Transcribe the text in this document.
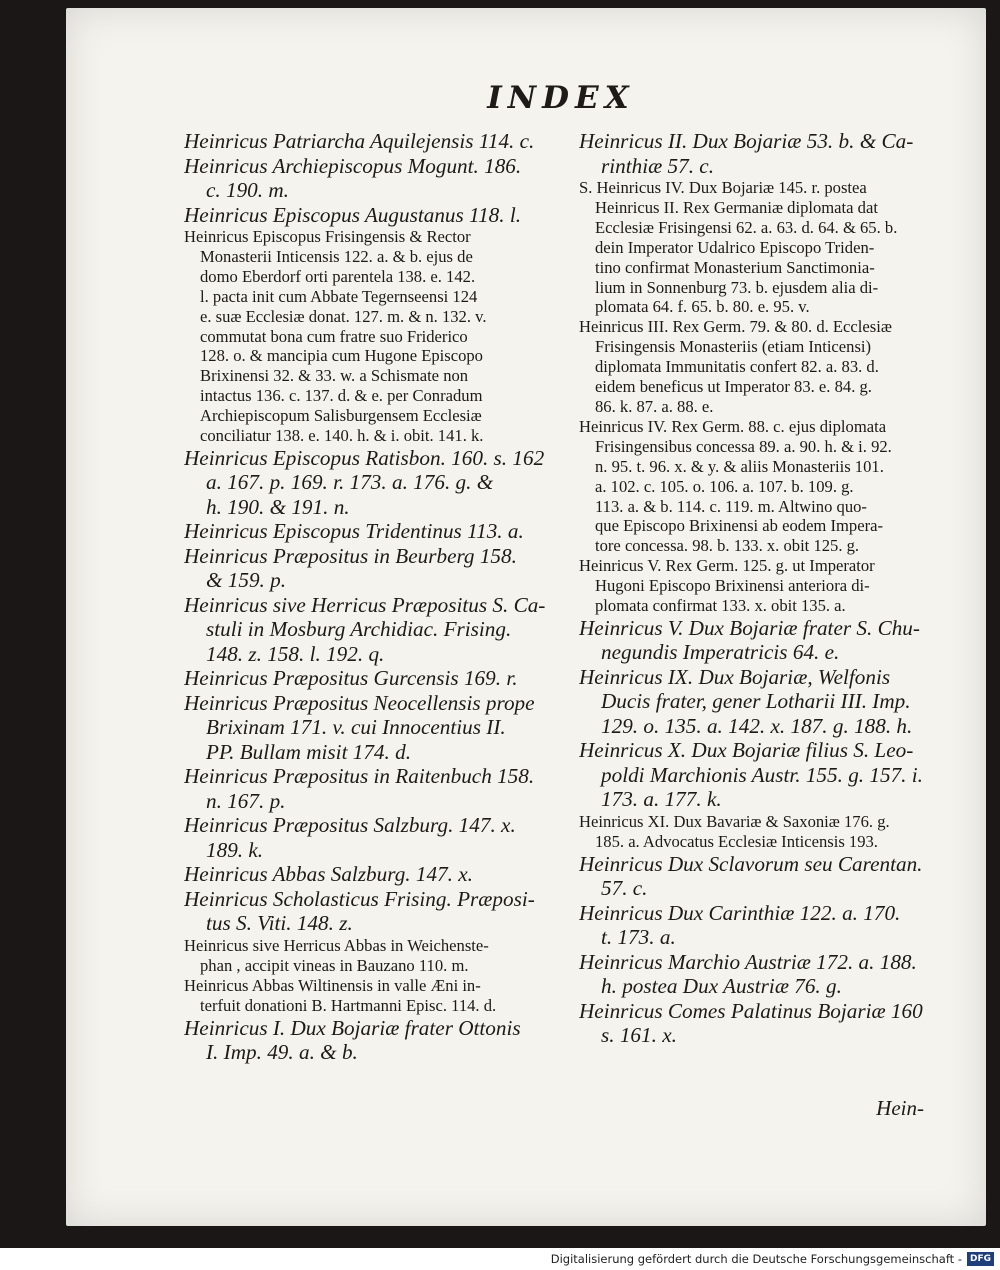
INDEX
Heinricus Patriarcha Aquilejensis 114. c.
Heinricus Archiepiscopus Mogunt. 186.
c. 190. m.
Heinricus Episcopus Augustanus 118. l.
Heinricus Episcopus Frisingensis & Rector
Monasterii Inticensis 122. a. & b. ejus de
domo Eberdorf orti parentela 138. e. 142.
l. pacta init cum Abbate Tegernseensi 124
e. suæ Ecclesiæ donat. 127. m. & n. 132. v.
commutat bona cum fratre suo Friderico
128. o. & mancipia cum Hugone Episcopo
Brixinensi 32. & 33. w. a Schismate non
intactus 136. c. 137. d. & e. per Conradum
Archiepiscopum Salisburgensem Ecclesiæ
conciliatur 138. e. 140. h. & i. obit. 141. k.
Heinricus Episcopus Ratisbon. 160. s. 162
a. 167. p. 169. r. 173. a. 176. g. &
h. 190. & 191. n.
Heinricus Episcopus Tridentinus 113. a.
Heinricus Præpositus in Beurberg 158.
& 159. p.
Heinricus sive Herricus Præpositus S. Ca-
stuli in Mosburg Archidiac. Frising.
148. z. 158. l. 192. q.
Heinricus Præpositus Gurcensis 169. r.
Heinricus Præpositus Neocellensis prope
Brixinam 171. v. cui Innocentius II.
PP. Bullam misit 174. d.
Heinricus Præpositus in Raitenbuch 158.
n. 167. p.
Heinricus Præpositus Salzburg. 147. x.
189. k.
Heinricus Abbas Salzburg. 147. x.
Heinricus Scholasticus Frising. Præposi-
tus S. Viti. 148. z.
Heinricus sive Herricus Abbas in Weichenste-
phan , accipit vineas in Bauzano 110. m.
Heinricus Abbas Wiltinensis in valle Æni in-
terfuit donationi B. Hartmanni Episc. 114. d.
Heinricus I. Dux Bojariæ frater Ottonis
I. Imp. 49. a. & b.
Heinricus II. Dux Bojariæ 53. b. & Ca-
rinthiæ 57. c.
S. Heinricus IV. Dux Bojariæ 145. r. postea
Heinricus II. Rex Germaniæ diplomata dat
Ecclesiæ Frisingensi 62. a. 63. d. 64. & 65. b.
dein Imperator Udalrico Episcopo Triden-
tino confirmat Monasterium Sanctimonia-
lium in Sonnenburg 73. b. ejusdem alia di-
plomata 64. f. 65. b. 80. e. 95. v.
Heinricus III. Rex Germ. 79. & 80. d. Ecclesiæ
Frisingensis Monasteriis (etiam Inticensi)
diplomata Immunitatis confert 82. a. 83. d.
eidem beneficus ut Imperator 83. e. 84. g.
86. k. 87. a. 88. e.
Heinricus IV. Rex Germ. 88. c. ejus diplomata
Frisingensibus concessa 89. a. 90. h. & i. 92.
n. 95. t. 96. x. & y. & aliis Monasteriis 101.
a. 102. c. 105. o. 106. a. 107. b. 109. g.
113. a. & b. 114. c. 119. m. Altwino quo-
que Episcopo Brixinensi ab eodem Impera-
tore concessa. 98. b. 133. x. obit 125. g.
Heinricus V. Rex Germ. 125. g. ut Imperator
Hugoni Episcopo Brixinensi anteriora di-
plomata confirmat 133. x. obit 135. a.
Heinricus V. Dux Bojariæ frater S. Chu-
negundis Imperatricis 64. e.
Heinricus IX. Dux Bojariæ, Welfonis
Ducis frater, gener Lotharii III. Imp.
129. o. 135. a. 142. x. 187. g. 188. h.
Heinricus X. Dux Bojariæ filius S. Leo-
poldi Marchionis Austr. 155. g. 157. i.
173. a. 177. k.
Heinricus XI. Dux Bavariæ & Saxoniæ 176. g.
185. a. Advocatus Ecclesiæ Inticensis 193.
Heinricus Dux Sclavorum seu Carentan.
57. c.
Heinricus Dux Carinthiæ 122. a. 170.
t. 173. a.
Heinricus Marchio Austriæ 172. a. 188.
h. postea Dux Austriæ 76. g.
Heinricus Comes Palatinus Bojariæ 160
s. 161. x.
Hein-
Digitalisierung gefördert durch die Deutsche Forschungsgemeinschaft - DFG
